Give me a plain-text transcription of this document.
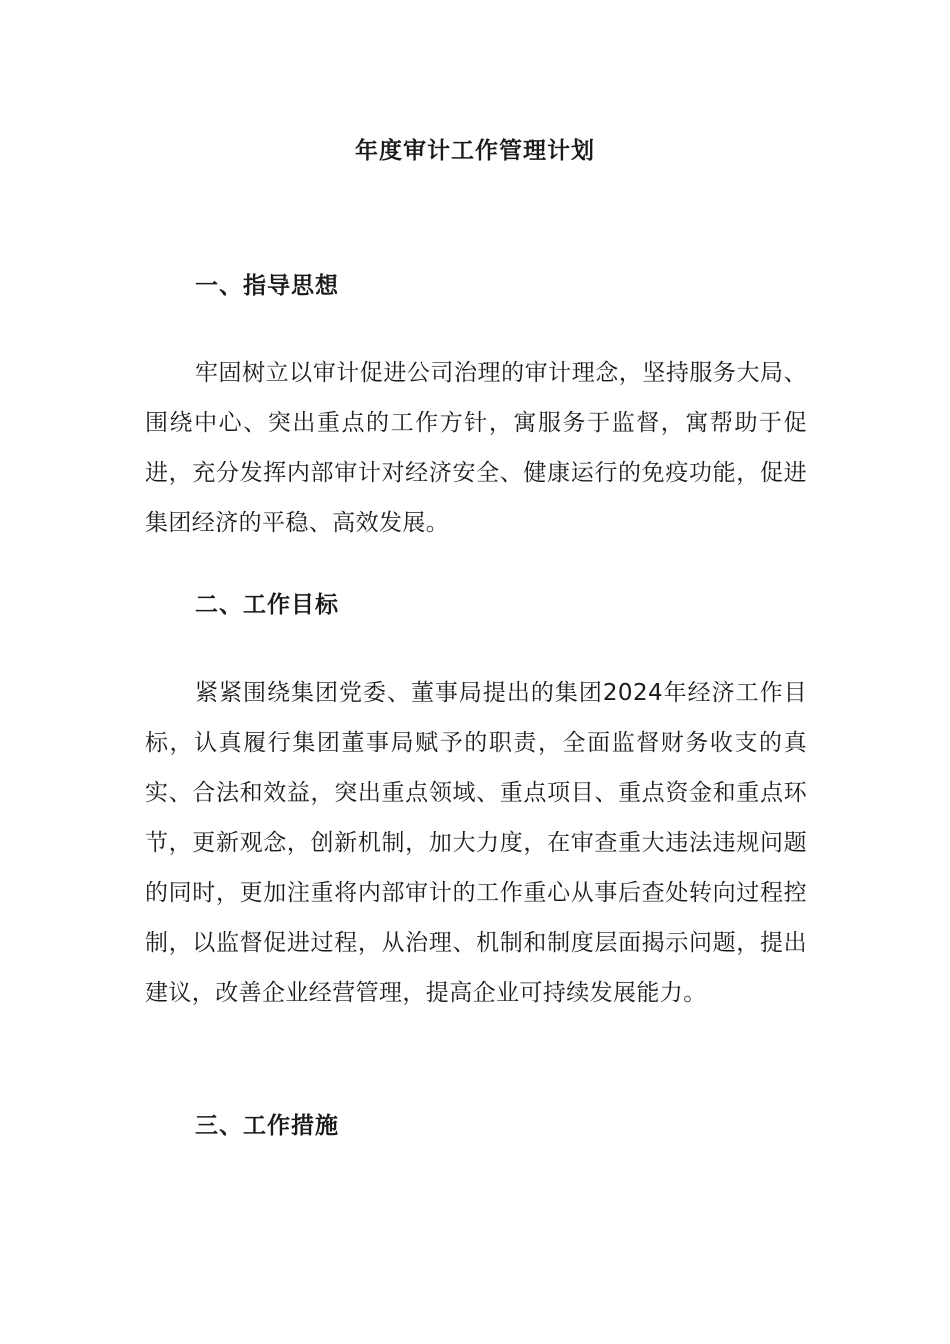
年度审计工作管理计划
一、指导思想

牢固树立以审计促进公司治理的审计理念，坚持服务大局、围绕中心、突出重点的工作方针，寓服务于监督，寓帮助于促进，充分发挥内部审计对经济安全、健康运行的免疫功能，促进集团经济的平稳、高效发展。

二、工作目标

紧紧围绕集团党委、董事局提出的集团2024年经济工作目标，认真履行集团董事局赋予的职责，全面监督财务收支的真实、合法和效益，突出重点领域、重点项目、重点资金和重点环节，更新观念，创新机制，加大力度，在审查重大违法违规问题的同时，更加注重将内部审计的工作重心从事后查处转向过程控制，以监督促进过程，从治理、机制和制度层面揭示问题，提出建议，改善企业经营管理，提高企业可持续发展能力。

三、工作措施
